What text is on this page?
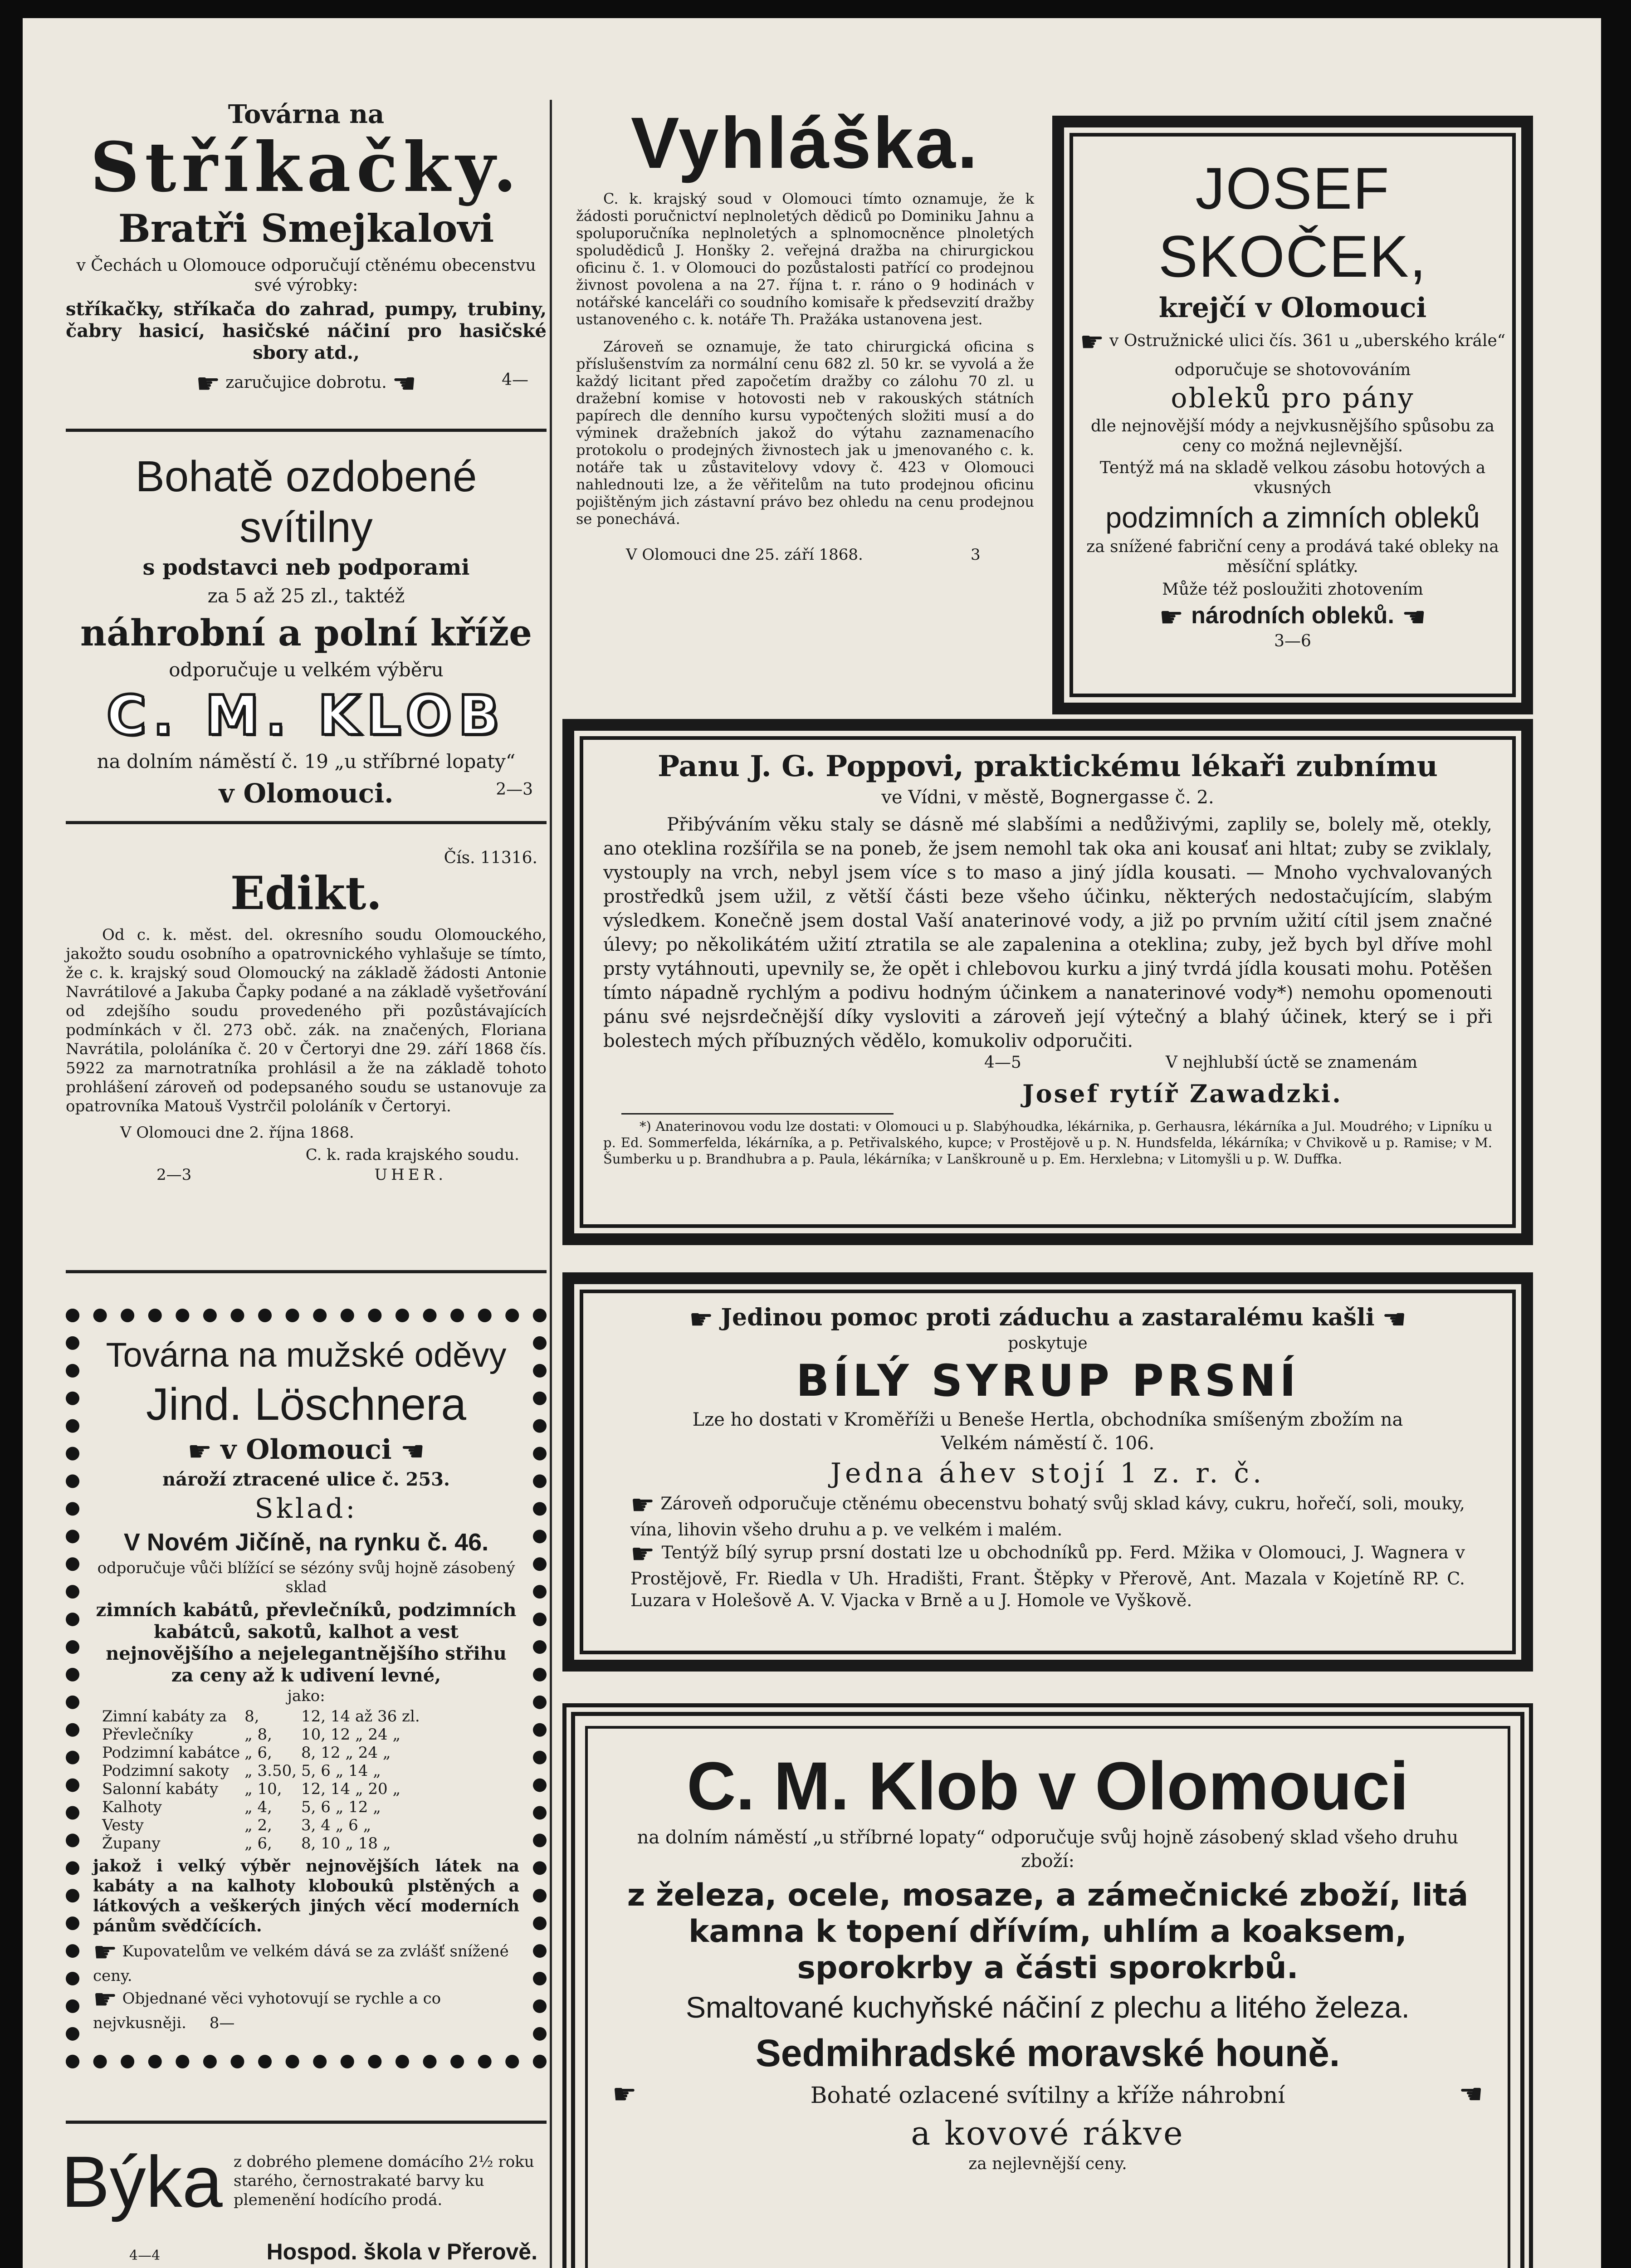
Továrna na
Stříkačky.
Bratři Smejkalovi

v Čechách u Olomouce odporučují ctěnému obecenstvu své výrobky:

stříkačky, stříkača do zahrad, pumpy, trubiny, čabry hasicí, hasičské náčiní pro hasičské sbory atd.,

☛ zaručujice dobrotu. ☚	4—
Bohatě ozdobené svítilny
s podstavci neb podporami
za 5 až 25 zl., taktéž
náhrobní a polní kříže
odporučuje u velkém výběru
C. M. KLOB
na dolním náměstí č. 19 „u stříbrné lopaty“
v Olomouci.	2—3
Čís. 11316.
Edikt.

Od c. k. měst. del. okresního soudu Olomouckého, jakožto soudu osobního a opatrovnického vyhlašuje se tímto, že c. k. krajský soud Olomoucký na základě žádosti Antonie Navrátilové a Jakuba Čapky podané a na základě vyšetřování od zdejšího soudu provedeného při pozůstávajících podmínkách v čl. 273 obč. zák. na značených, Floriana Navrátila, pololáníka č. 20 v Čertoryi dne 29. září 1868 čís. 5922 za marnotratníka prohlásil a že na základě tohoto prohlášení zároveň od podepsaného soudu se ustanovuje za opatrovníka Matouš Vystrčil pololáník v Čertoryi.

V Olomouci dne 2. října 1868.

C. k. rada krajského soudu.

2—3	UHER.
Továrna na mužské oděvy
Jind. Löschnera
☛ v Olomouci ☚
nároží ztracené ulice č. 253.
Sklad:
V Novém Jičíně, na rynku č. 46.

odporučuje vůči blížící se sézóny svůj hojně zásobený sklad

zimních kabátů, převlečníků, podzimních kabátců, sakotů, kalhot a vest nejnovějšího a nejelegantnějšího střihu za ceny až k udivení levné,

jako:
Zimní kabáty za	8,	12, 14 až 36 zl.
Převlečníky	„ 8,	10, 12 „ 24 „
Podzimní kabátce	„ 6,	8, 12 „ 24 „
Podzimní sakoty	„ 3.50,	5, 6 „ 14 „
Salonní kabáty	„ 10,	12, 14 „ 20 „
Kalhoty	„ 4,	5, 6 „ 12 „
Vesty	„ 2,	3, 4 „ 6 „
Župany	„ 6,	8, 10 „ 18 „

jakož i velký výběr nejnovějších látek na kabáty a na kalhoty kloboukû plstěných a látkových a veškerých jiných věcí moderních pánům svědčících.

☛ Kupovatelům ve velkém dává se za zvlášť snížené ceny.

☛ Objednané věci vyhotovují se rychle a co nejvkusněji. 8—

Býka z dobrého plemene domácího 2½ roku starého, černostrakaté barvy ku plemenění hodícího prodá.

4—4	Hospod. škola v Přerově.
Vyhláška.

C. k. krajský soud v Olomouci tímto oznamuje, že k žádosti poručnictví neplnoletých dědiců po Dominiku Jahnu a spoluporučníka neplnoletých a splnomocněnce plnoletých spoludědiců J. Honšky 2. veřejná dražba na chirurgickou oficinu č. 1. v Olomouci do pozůstalosti patřící co prodejnou živnost povolena a na 27. října t. r. ráno o 9 hodinách v notářské kanceláři co soudního komisaře k předsevzití dražby ustanoveného c. k. notáře Th. Pražáka ustanovena jest.

Zároveň se oznamuje, že tato chirurgická oficina s příslušenstvím za normální cenu 682 zl. 50 kr. se vyvolá a že každý licitant před započetím dražby co zálohu 70 zl. u dražební komise v hotovosti neb v rakouských státních papírech dle denního kursu vypočtených složiti musí a do výminek dražebních jakož do výtahu zaznamenacího protokolu o prodejných živnostech jak u jmenovaného c. k. notáře tak u zůstavitelovy vdovy č. 423 v Olomouci nahlednouti lze, a že věřitelům na tuto prodejnou oficinu pojištěným jich zástavní právo bez ohledu na cenu prodejnou se ponechává.

V Olomouci dne 25. září 1868.	3
JOSEF SKOČEK,
krejčí v Olomouci
☛ v Ostružnické ulici čís. 361 u „uberského krále“
odporučuje se shotovováním
obleků pro pány

dle nejnovější módy a nejvkusnějšího spůsobu za ceny co možná nejlevnější.

Tentýž má na skladě velkou zásobu hotových a vkusných

podzimních a zimních obleků

za snížené fabriční ceny a prodává také obleky na měsíční splátky.

Může též posloužiti zhotovením

☛ národních obleků. ☚
3—6
Panu J. G. Poppovi, praktickému lékaři zubnímu
ve Vídni, v městě, Bognergasse č. 2.

Přibýváním věku staly se dásně mé slabšími a nedůživými, zaplily se, bolely mě, otekly, ano oteklina rozšířila se na poneb, že jsem nemohl tak oka ani kousať ani hltat; zuby se zviklaly, vystouply na vrch, nebyl jsem více s to maso a jiný jídla kousati. — Mnoho vychvalovaných prostředků jsem užil, z větší části beze všeho účinku, některých nedostačujícím, slabým výsledkem. Konečně jsem dostal Vaší anaterinové vody, a již po prvním užití cítil jsem značné úlevy; po několikátém užití ztratila se ale zapalenina a oteklina; zuby, jež bych byl dříve mohl prsty vytáhnouti, upevnily se, že opět i chlebovou kurku a jiný tvrdá jídla kousati mohu. Potěšen tímto nápadně rychlým a podivu hodným účinkem a nanaterinové vody*) nemohu opomenouti pánu své nejsrdečnější díky vysloviti a zároveň její výtečný a blahý účinek, který se i při bolestech mých příbuzných vědělo, komukoliv odporučiti.

4—5	V nejhlubší úctě se znamenám
Josef rytíř Zawadzki.

*) Anaterinovou vodu lze dostati: v Olomouci u p. Slabýhoudka, lékárnika, p. Gerhausra, lékárníka a Jul. Moudrého; v Lipníku u p. Ed. Sommerfelda, lékárníka, a p. Petřivalského, kupce; v Prostějově u p. N. Hundsfelda, lékárníka; v Chvikově u p. Ramise; v M. Šumberku u p. Brandhubra a p. Paula, lékárníka; v Lanškrouně u p. Em. Herxlebna; v Litomyšli u p. W. Duffka.

☛ Jedinou pomoc proti záduchu a zastaralému kašli ☚
poskytuje
BÍLÝ SYRUP PRSNÍ

Lze ho dostati v Kroměříži u Beneše Hertla, obchodníka smíšeným zbožím na Velkém náměstí č. 106.

Jedna áhev stojí 1 z. r. č.

☛ Zároveň odporučuje ctěnému obecenstvu bohatý svůj sklad kávy, cukru, hořečí, soli, mouky, vína, lihovin všeho druhu a p. ve velkém i malém.

☛ Tentýž bílý syrup prsní dostati lze u obchodníků pp. Ferd. Mžika v Olomouci, J. Wagnera v Prostějově, Fr. Riedla v Uh. Hradišti, Frant. Štěpky v Přerově, Ant. Mazala v Kojetíně RP. C. Luzara v Holešově A. V. Vjacka v Brně a u J. Homole ve Vyškově.

C. M. Klob v Olomouci

na dolním náměstí „u stříbrné lopaty“ odporučuje svůj hojně zásobený sklad všeho druhu zboží:

z železa, ocele, mosaze, a zámečnické zboží, litá kamna k topení dřívím, uhlím a koaksem, sporokrby a části sporokrbů.

Smaltované kuchyňské náčiní z plechu a litého železa.
Sedmihradské moravské houně.
☛	Bohaté ozlacené svítilny a kříže náhrobní	☚
a kovové rákve
za nejlevnější ceny.
